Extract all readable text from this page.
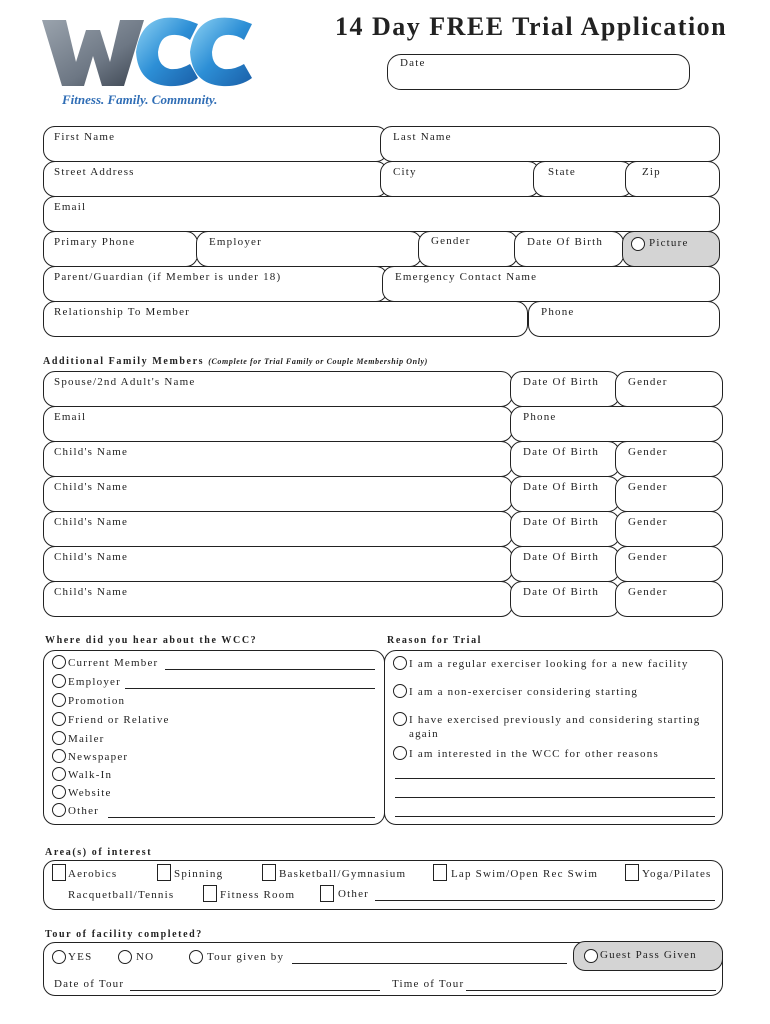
Fitness. Family. Community.
14 Day FREE Trial Application
Date
First Name	Last Name
Street Address	City	State	Zip
Email
Primary Phone	Employer	Gender	Date Of Birth	Picture
Parent/Guardian (if Member is under 18)	Emergency Contact Name
Relationship To Member	Phone
Additional Family Members (Complete for Trial Family or Couple Membership Only)
Spouse/2nd Adult's Name	Date Of Birth	Gender
Email	Phone
Child's Name	Date Of Birth	Gender
Child's Name	Date Of Birth	Gender
Child's Name	Date Of Birth	Gender
Child's Name	Date Of Birth	Gender
Child's Name	Date Of Birth	Gender
Where did you hear about the WCC?	Reason for Trial
Current Member
Employer
Promotion
Friend or Relative
Mailer
Newspaper
Walk-In
Website
Other
I am a regular exerciser looking for a new facility
I am a non-exerciser considering starting
I have exercised previously and considering starting
again
I am interested in the WCC for other reasons
Area(s) of interest
Aerobics	Spinning	Basketball/Gymnasium	Lap Swim/Open Rec Swim	Yoga/Pilates
Racquetball/Tennis	Fitness Room	Other
Tour of facility completed?
YES	NO	Tour given by	Guest Pass Given
Date of Tour	Time of Tour
